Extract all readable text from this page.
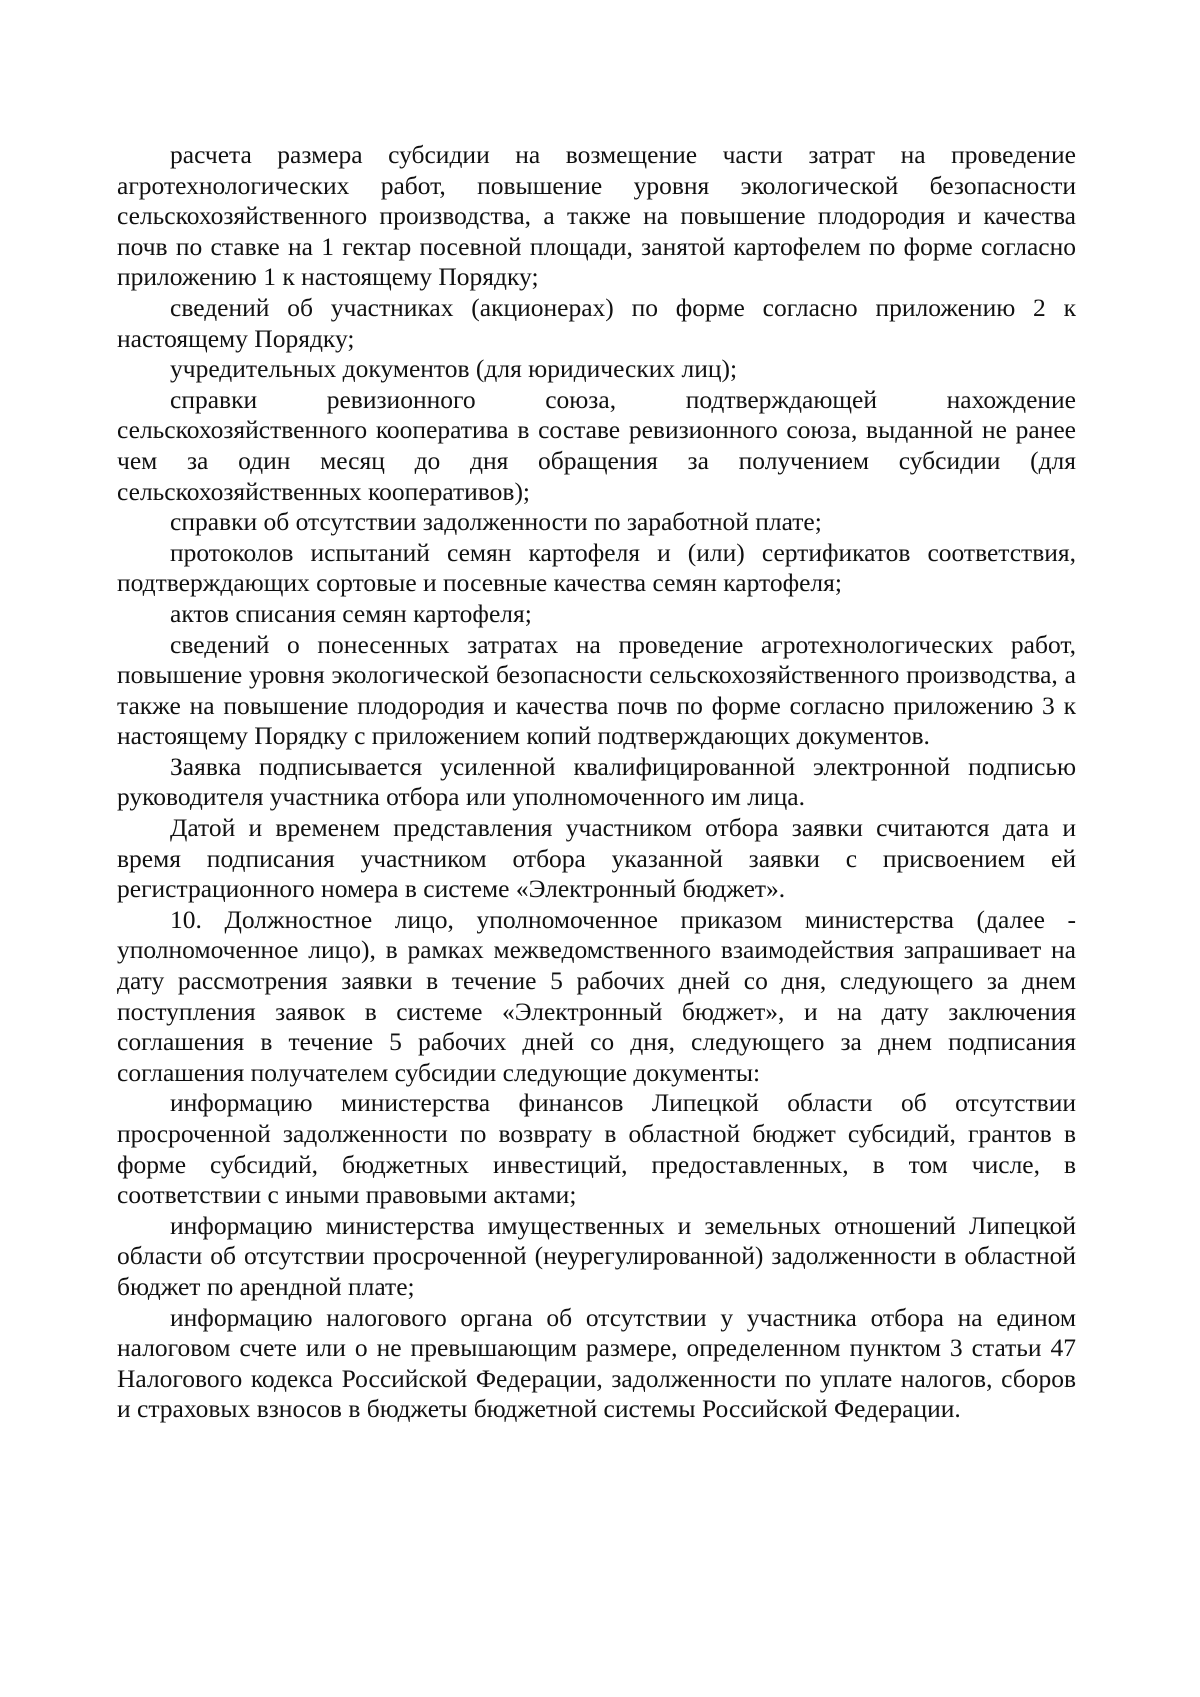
расчета размера субсидии на возмещение части затрат на проведение агротехнологических работ, повышение уровня экологической безопасности сельскохозяйственного производства, а также на повышение плодородия и качества почв по ставке на 1 гектар посевной площади, занятой картофелем по форме согласно приложению 1 к настоящему Порядку;

сведений об участниках (акционерах) по форме согласно приложению 2 к настоящему Порядку;

учредительных документов (для юридических лиц);

справки ревизионного союза, подтверждающей нахождение сельскохозяйственного кооператива в составе ревизионного союза, выданной не ранее чем за один месяц до дня обращения за получением субсидии (для сельскохозяйственных кооперативов);

справки об отсутствии задолженности по заработной плате;

протоколов испытаний семян картофеля и (или) сертификатов соответствия, подтверждающих сортовые и посевные качества семян картофеля;

актов списания семян картофеля;

сведений о понесенных затратах на проведение агротехнологических работ, повышение уровня экологической безопасности сельскохозяйственного производства, а также на повышение плодородия и качества почв по форме согласно приложению 3 к настоящему Порядку с приложением копий подтверждающих документов.

Заявка подписывается усиленной квалифицированной электронной подписью руководителя участника отбора или уполномоченного им лица.

Датой и временем представления участником отбора заявки считаются дата и время подписания участником отбора указанной заявки с присвоением ей регистрационного номера в системе «Электронный бюджет».

10. Должностное лицо, уполномоченное приказом министерства (далее - уполномоченное лицо), в рамках межведомственного взаимодействия запрашивает на дату рассмотрения заявки в течение 5 рабочих дней со дня, следующего за днем поступления заявок в системе «Электронный бюджет», и на дату заключения соглашения в течение 5 рабочих дней со дня, следующего за днем подписания соглашения получателем субсидии следующие документы:

информацию министерства финансов Липецкой области об отсутствии просроченной задолженности по возврату в областной бюджет субсидий, грантов в форме субсидий, бюджетных инвестиций, предоставленных, в том числе, в соответствии с иными правовыми актами;

информацию министерства имущественных и земельных отношений Липецкой области об отсутствии просроченной (неурегулированной) задолженности в областной бюджет по арендной плате;

информацию налогового органа об отсутствии у участника отбора на едином налоговом счете или о не превышающим размере, определенном пунктом 3 статьи 47 Налогового кодекса Российской Федерации, задолженности по уплате налогов, сборов и страховых взносов в бюджеты бюджетной системы Российской Федерации.
